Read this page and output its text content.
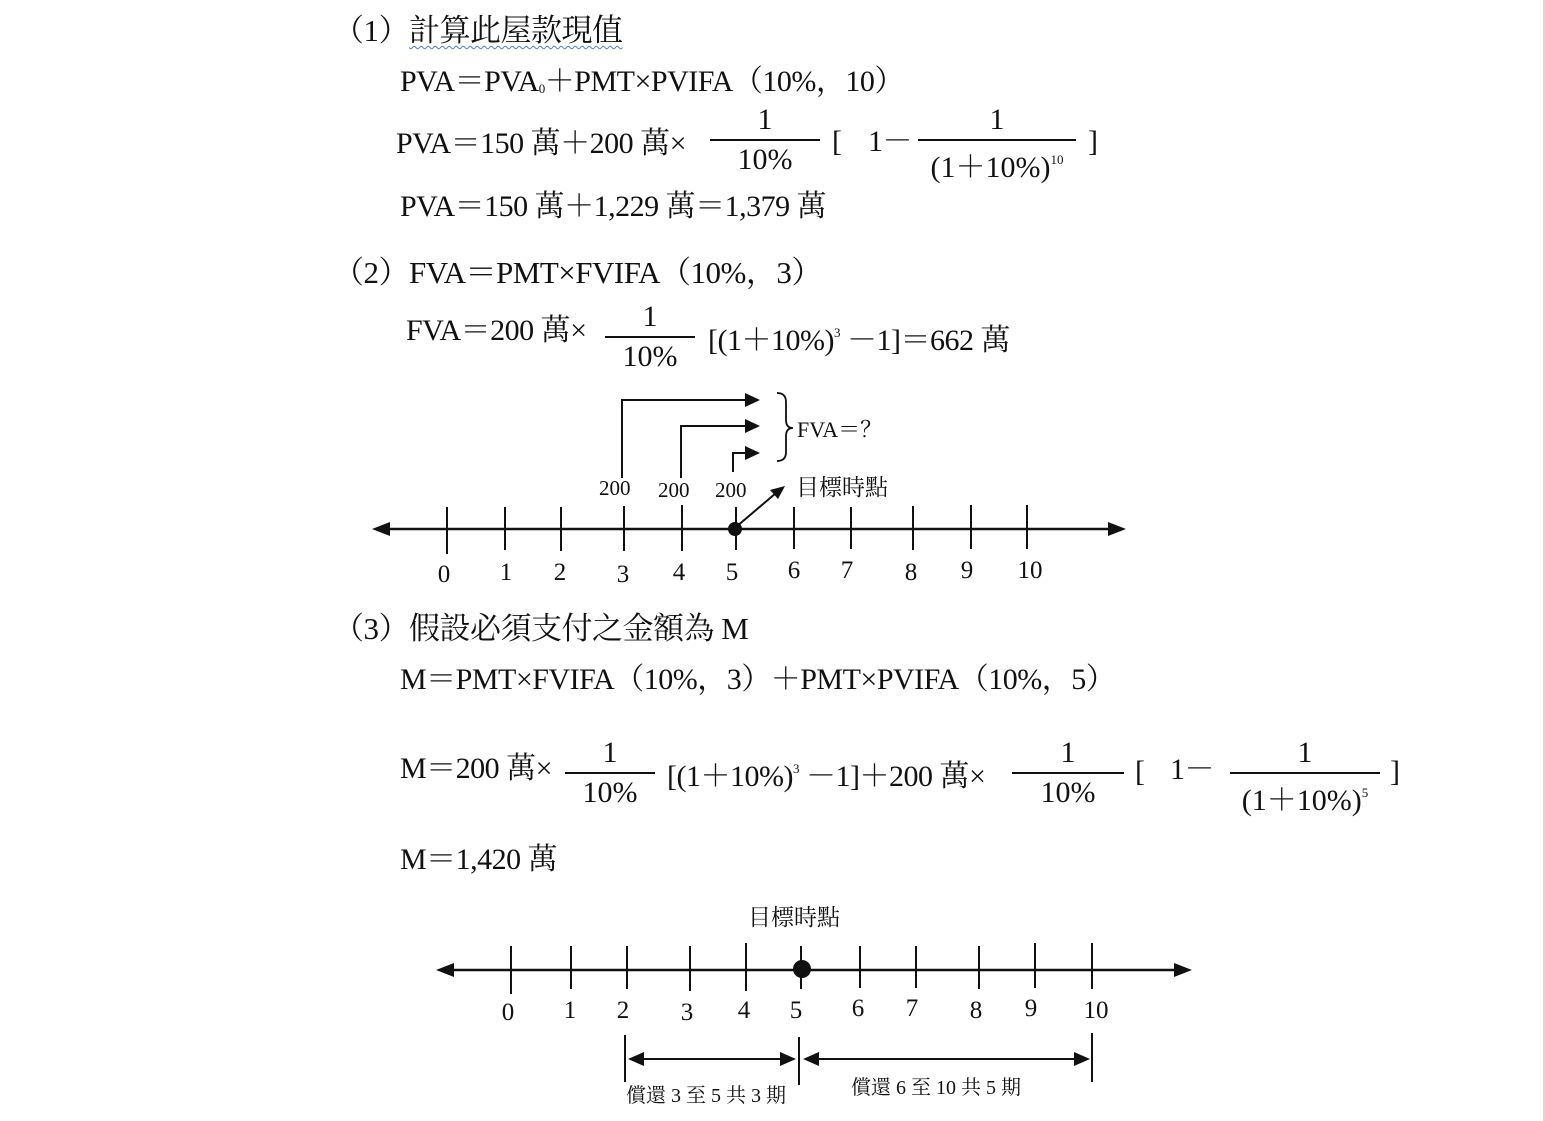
（1）計算此屋款現值
PVA＝PVA0＋PMT×PVIFA（10%，10）
PVA＝150 萬＋200 萬×
1
10%
[ 1－
1
$(1+10\%)^{10}$
]
PVA＝150 萬＋1,229 萬＝1,379 萬
（2）FVA＝PMT×FVIFA（10%，3）
FVA＝200 萬×	1
10%	$[(1+10\%)^3 -1]=662$ 萬
FVA＝？
200 200 200 目標時點
0	1	2	3	4	5	6	7	8	9	10
（3）假設必須支付之金額為 M
M＝PMT×FVIFA（10%，3）＋PMT×PVIFA（10%，5）
M＝200 萬×	1
10% $[(1+10\%)^3 -1]+200$ 萬×
1
10%
[ 1－
1
$(1+10\%)^5$
]
M＝1,420 萬
目標時點
0	1	2	3	4	5	6	7	8	9	10
償還 3 至 5 共 3 期	償還 6 至 10 共 5 期
